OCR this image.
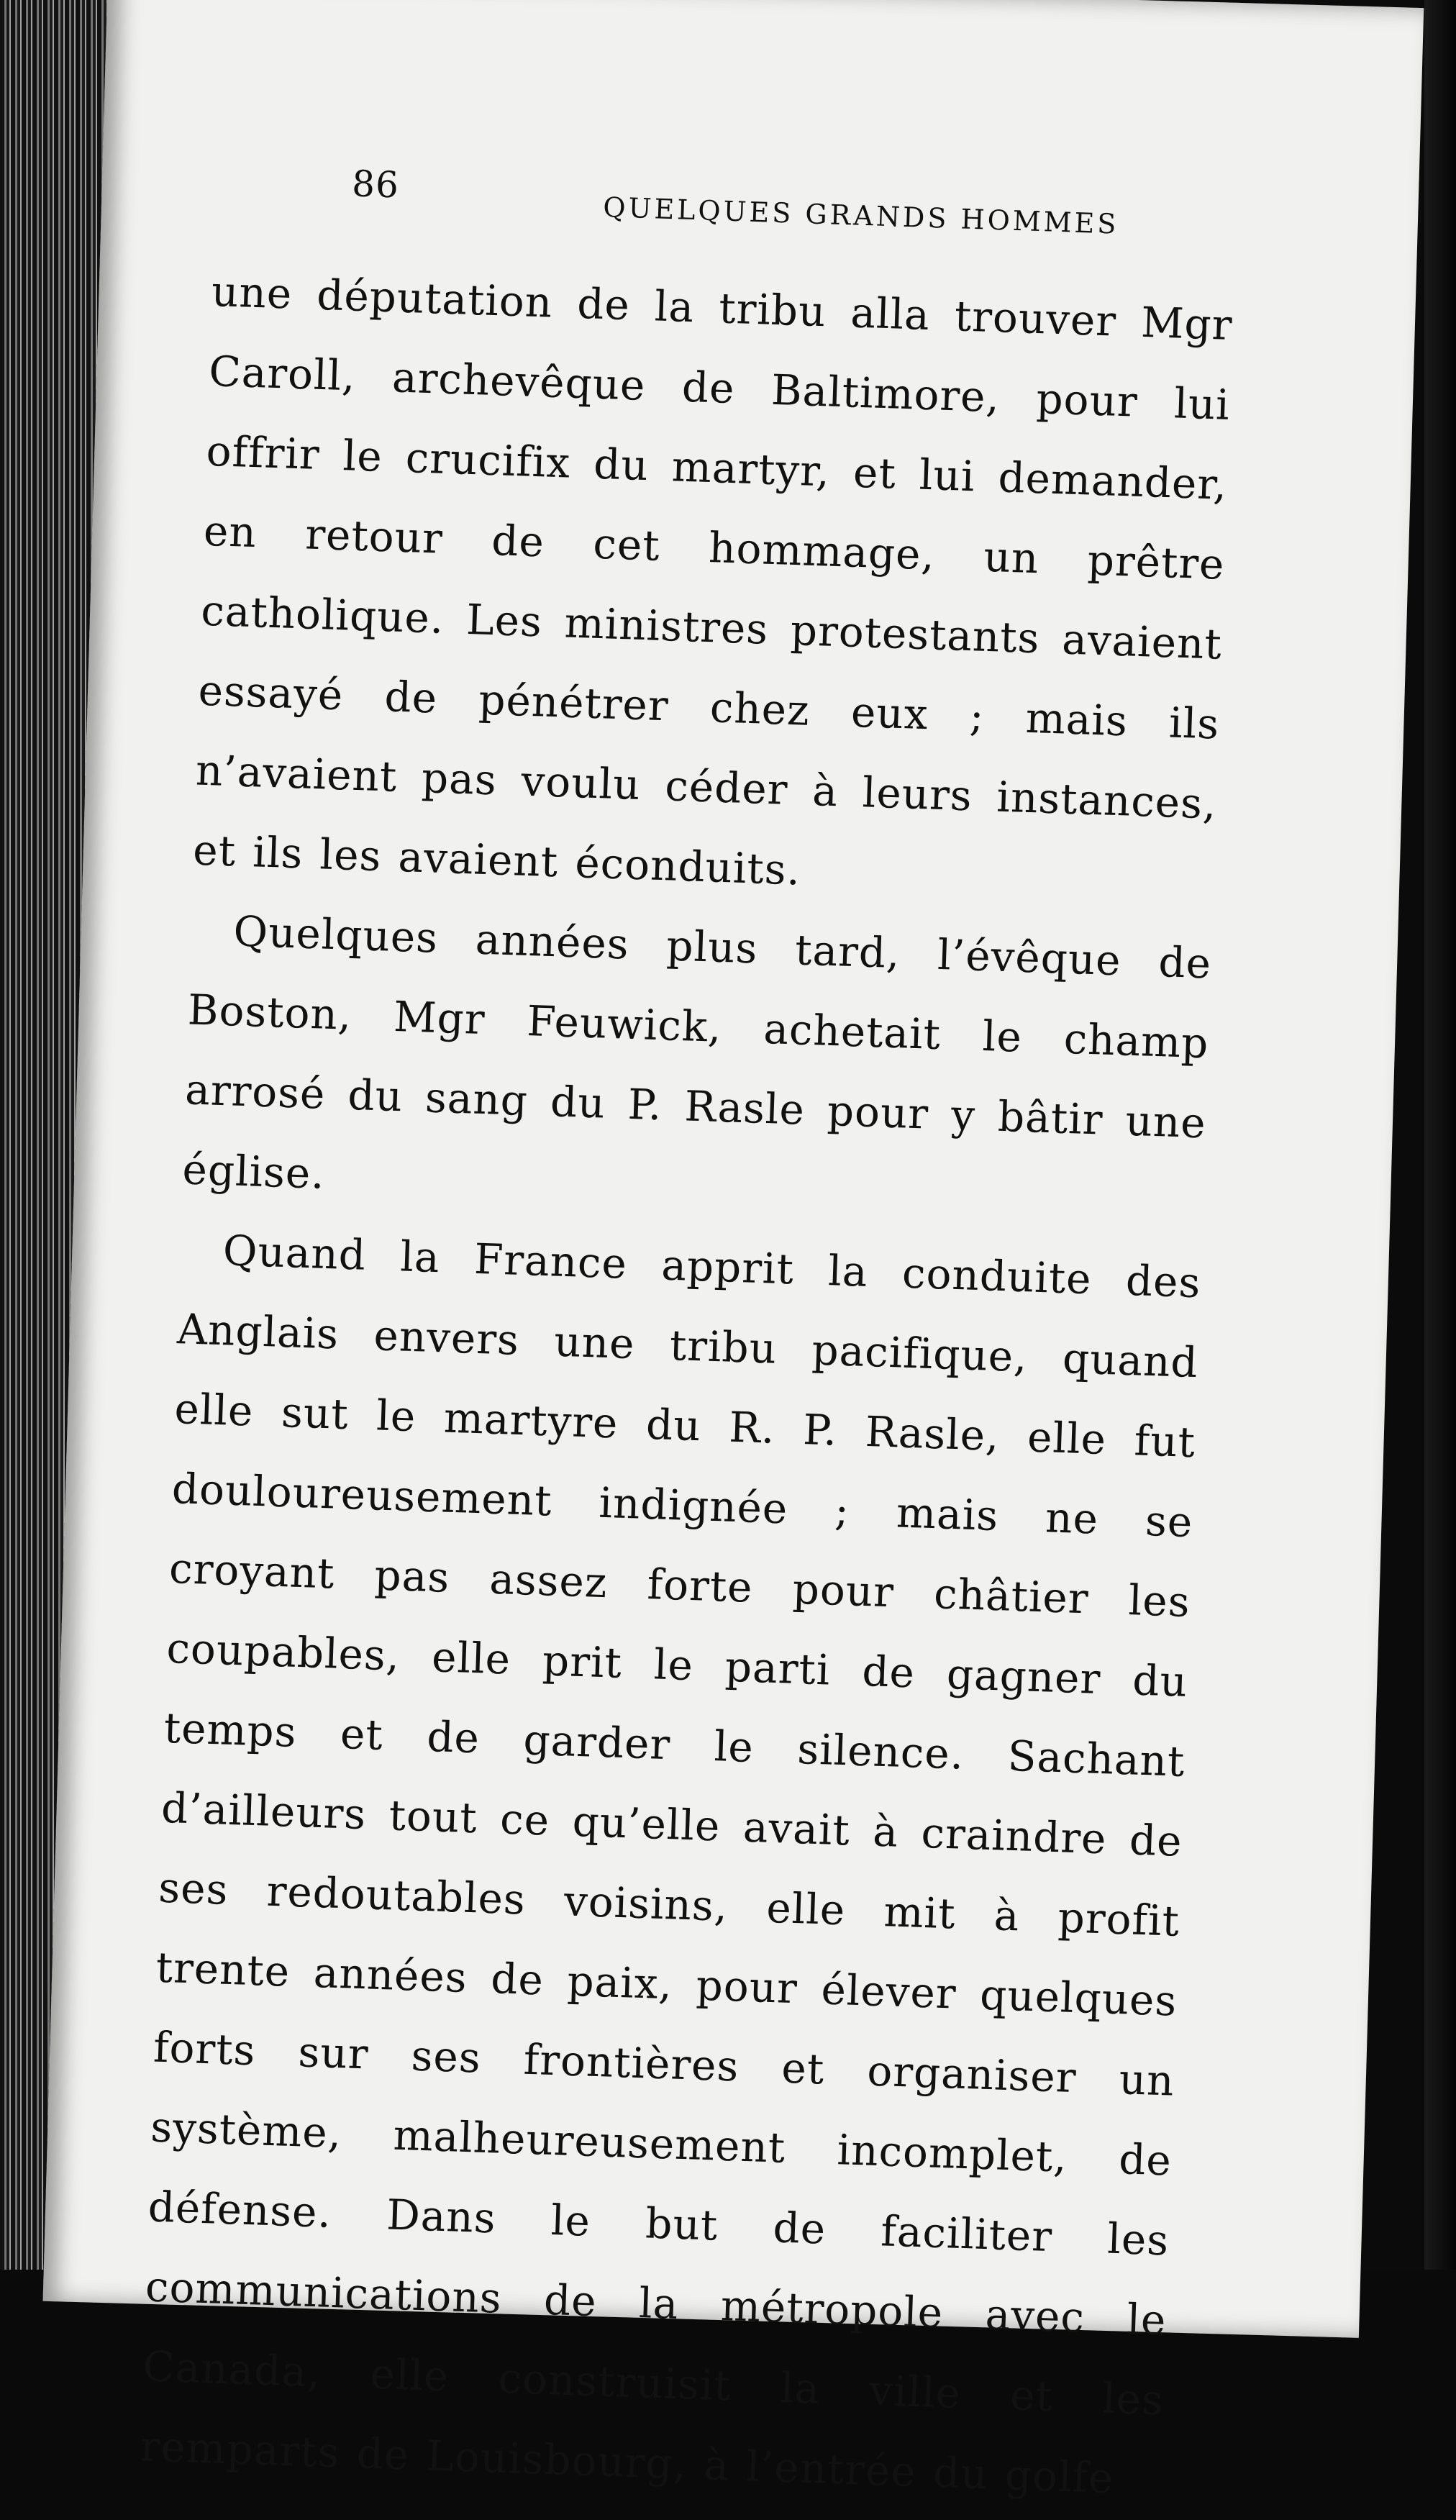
86
QUELQUES GRANDS HOMMES

une députation de la tribu alla trouver Mgr Caroll, archevêque de Baltimore, pour lui offrir le crucifix du martyr, et lui demander, en retour de cet hommage, un prêtre catholique. Les ministres protestants avaient essayé de pénétrer chez eux ; mais ils n’avaient pas voulu céder à leurs instances, et ils les avaient éconduits.

Quelques années plus tard, l’évêque de Boston, Mgr Feuwick, achetait le champ arrosé du sang du P. Rasle pour y bâtir une église.

Quand la France apprit la conduite des Anglais envers une tribu pacifique, quand elle sut le martyre du R. P. Rasle, elle fut douloureusement indignée ; mais ne se croyant pas assez forte pour châtier les coupables, elle prit le parti de gagner du temps et de garder le silence. Sachant d’ailleurs tout ce qu’elle avait à craindre de ses redoutables voisins, elle mit à profit trente années de paix, pour élever quelques forts sur ses frontières et organiser un système, malheureusement incomplet, de défense. Dans le but de faciliter les communications de la métropole avec le Canada, elle construisit la ville et les remparts de Louisbourg, à l’entrée du golfe
